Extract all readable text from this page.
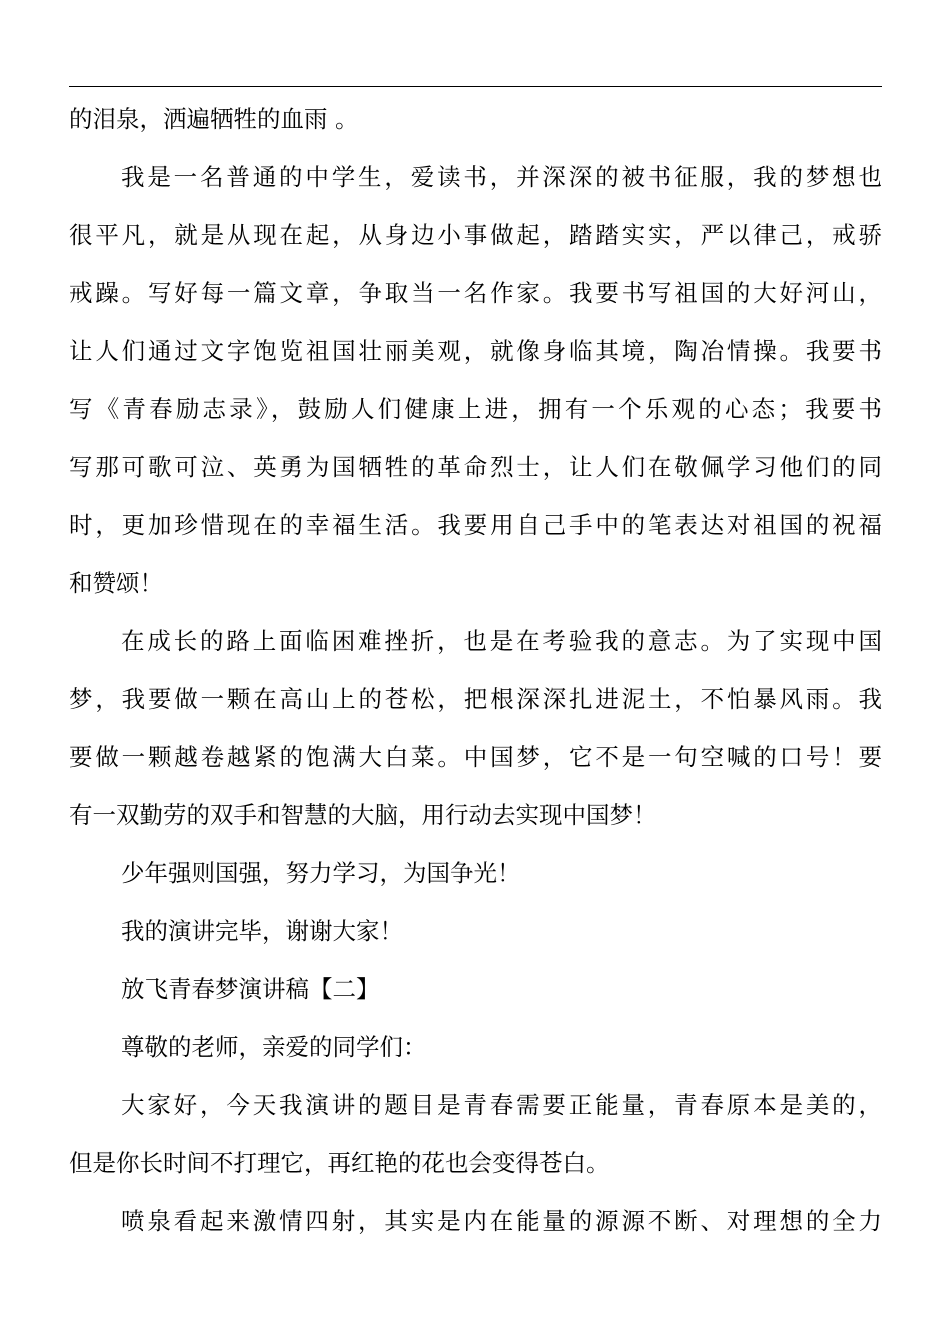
的泪泉，洒遍牺牲的血雨 。
我是一名普通的中学生，爱读书，并深深的被书征服，我的梦想也
很平凡，就是从现在起，从身边小事做起，踏踏实实，严以律己，戒骄
戒躁。写好每一篇文章，争取当一名作家。我要书写祖国的大好河山，
让人们通过文字饱览祖国壮丽美观，就像身临其境，陶冶情操。我要书
写《青春励志录》，鼓励人们健康上进，拥有一个乐观的心态；我要书
写那可歌可泣、英勇为国牺牲的革命烈士，让人们在敬佩学习他们的同
时，更加珍惜现在的幸福生活。我要用自己手中的笔表达对祖国的祝福
和赞颂！
在成长的路上面临困难挫折，也是在考验我的意志。为了实现中国
梦，我要做一颗在高山上的苍松，把根深深扎进泥土，不怕暴风雨。我
要做一颗越卷越紧的饱满大白菜。中国梦，它不是一句空喊的口号！要
有一双勤劳的双手和智慧的大脑，用行动去实现中国梦！
少年强则国强，努力学习，为国争光！
我的演讲完毕，谢谢大家！
放飞青春梦演讲稿【二】
尊敬的老师，亲爱的同学们：
大家好，今天我演讲的题目是青春需要正能量，青春原本是美的，
但是你长时间不打理它，再红艳的花也会变得苍白。
喷泉看起来激情四射，其实是内在能量的源源不断、对理想的全力
